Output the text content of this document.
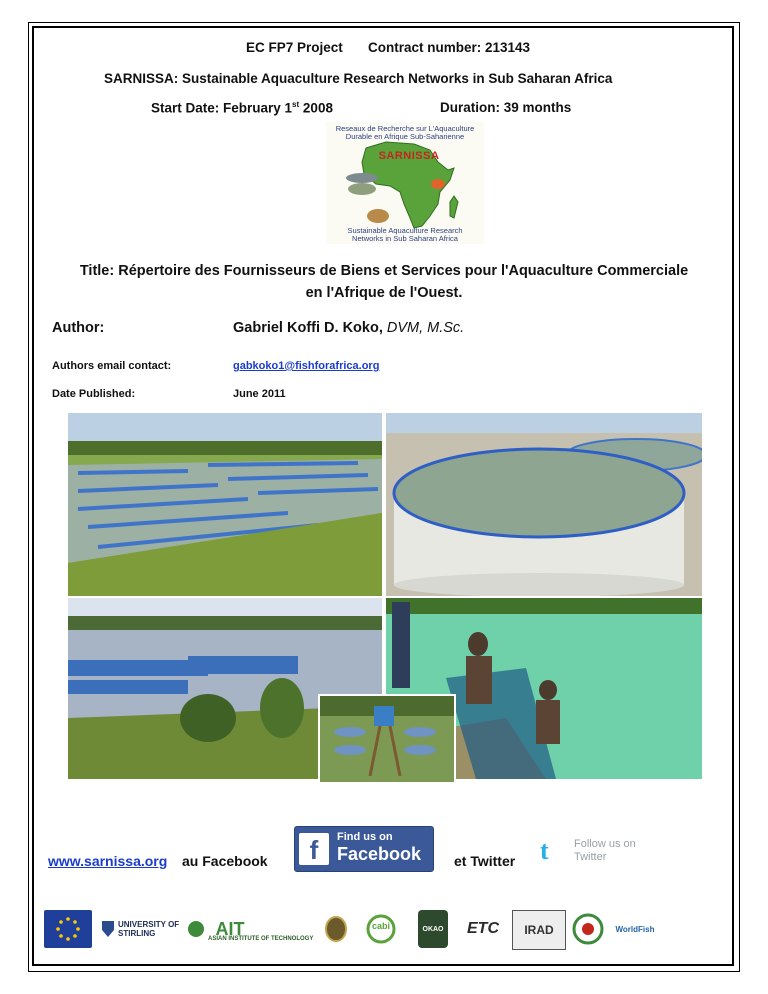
EC FP7 Project Contract number: 213143
SARNISSA: Sustainable Aquaculture Research Networks in Sub Saharan Africa
Start Date: February 1st 2008	Duration: 39 months
Reseaux de Recherche sur L'Aquaculture
Durable en Afrique Sub-Saharienne
SARNISSA
Sustainable Aquaculture Research
Networks in Sub Saharan Africa
Title: Répertoire des Fournisseurs de Biens et Services pour l'Aquaculture Commerciale
en l'Afrique de l'Ouest.
Author:	Gabriel Koffi D. Koko, DVM, M.Sc.
Authors email contact:	gabkoko1@fishforafrica.org
Date Published:	June 2011
www.sarnissa.org au Facebook	f	Find us on
Facebook et Twitter t	Follow us on
Twitter
UNIVERSITY OF STIRLING	AIT
ASIAN INSTITUTE OF TECHNOLOGY
cabi	OKAO	ETC	IRAD	WorldFish
